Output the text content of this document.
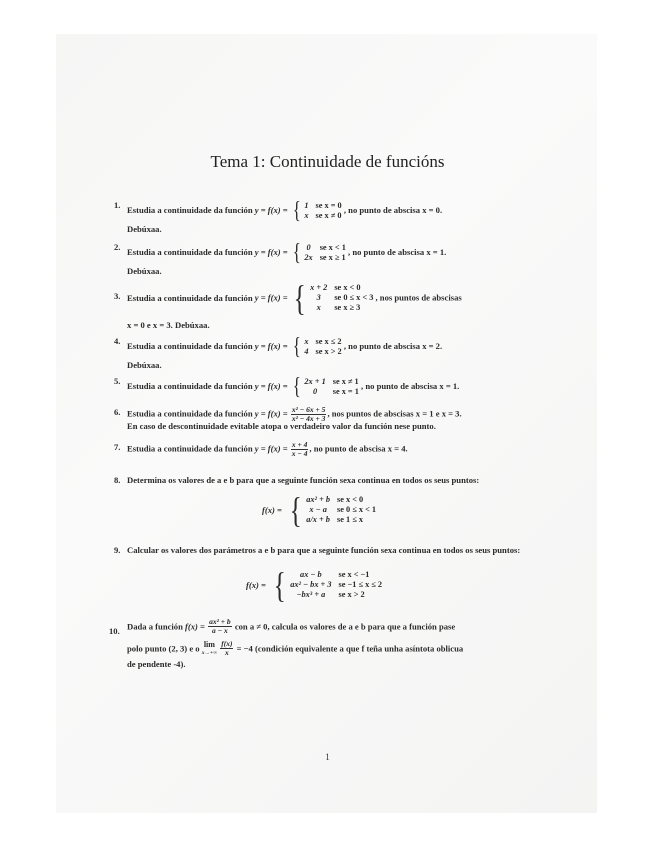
Tema 1: Continuidade de funcións
1. Estudia a continuidade da función y = f(x) = { 1 se x = 0
x se x ≠ 0
, no punto de abscisa x = 0.
Debúxaa.
2. Estudia a continuidade da función y = f(x) = { 0 se x < 1
2x se x ≥ 1
, no punto de abscisa x = 1.
Debúxaa.
3. Estudia a continuidade da función y = f(x) = { x + 2 se x < 0
3	se 0 ≤ x < 3
x	se x ≥ 3
, nos puntos de abscisas
x = 0 e x = 3. Debúxaa.
4. Estudia a continuidade da función y = f(x) = { x se x ≤ 2
4 se x > 2
, no punto de abscisa x = 2.
Debúxaa.
5. Estudia a continuidade da función y = f(x) = { 2x + 1 se x ≠ 1
0	se x = 1
, no punto de abscisa x = 1.
6. Estudia a continuidade da función $y = f(x) = \frac{\text{x² − 6x + 5}}{\text{x² − 4x + 3}}$ , nos puntos de abscisas x = 1 e x = 3.
En caso de descontinuidade evitable atopa o verdadeiro valor da función nese punto.
7. Estudia a continuidade da función $y = f(x) = \frac{x + 4}{x - 4}$ , no punto de abscisa x = 4.
8. Determina os valores de a e b para que a seguinte función sexa continua en todos os seus puntos:
f(x) = { ax² + b se x < 0
x − a	se 0 ≤ x < 1
a/x + b se 1 ≤ x
9. Calcular os valores dos parámetros a e b para que a seguinte función sexa continua en todos os seus puntos:
f(x) = {	ax − b	se x < −1
ax² − bx + 3 se −1 ≤ x ≤ 2
−bx³ + a	se x > 2
10. Dada a función $f(x) = \frac{\text{ax² + b}}{a - x}$ con a ≠ 0, calcula os valores de a e b para que a función pase
polo punto (2, 3) e o lim
x→+∞
$\frac{f(x)}{x} = -4$ (condición equivalente a que f teña unha asíntota oblicua
de pendente -4).
1
